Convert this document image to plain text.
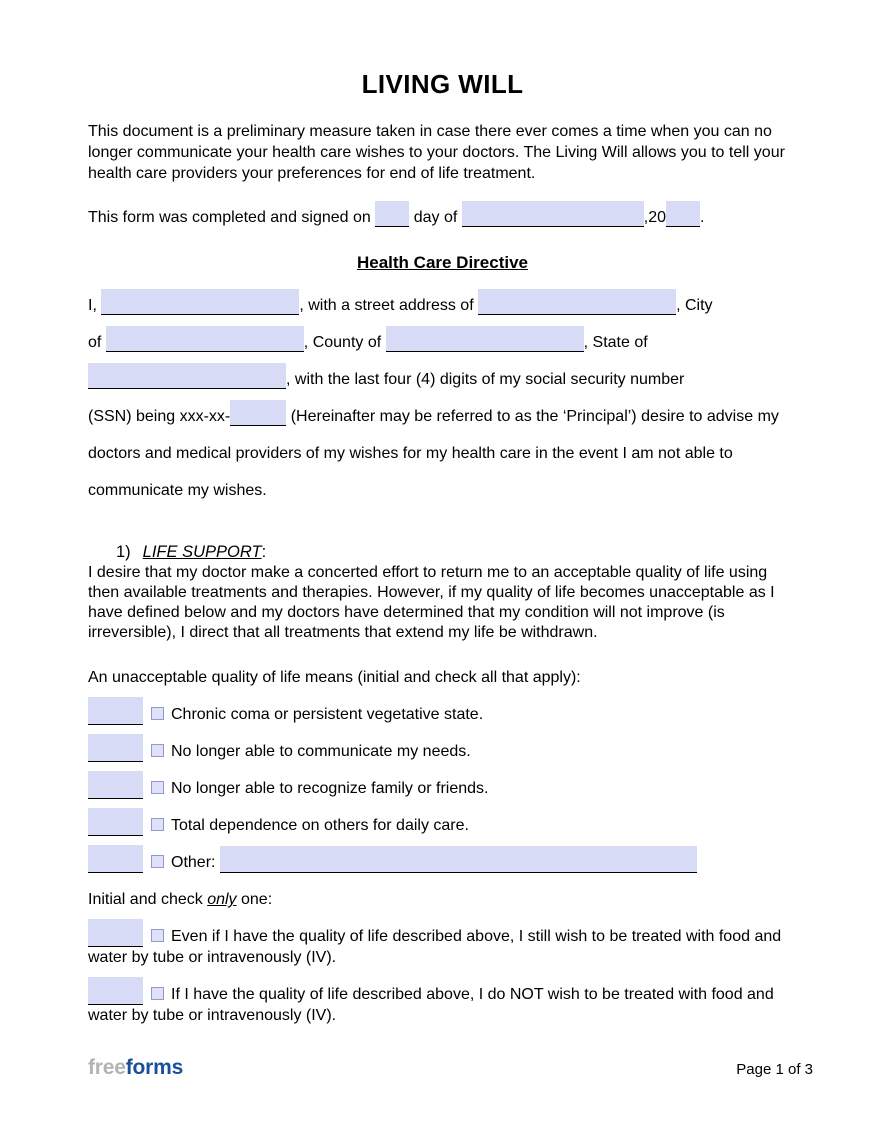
LIVING WILL

This document is a preliminary measure taken in case there ever comes a time when you can no longer communicate your health care wishes to your doctors. The Living Will allows you to tell your health care providers your preferences for end of life treatment.

This form was completed and signed on	day of	,20 .
Health Care Directive
I,	, with a street address of	, City
of	, County of	, State of
, with the last four (4) digits of my social security number
(SSN) being xxx-xx-	(Hereinafter may be referred to as the ‘Principal’) desire to advise my
doctors and medical providers of my wishes for my health care in the event I am not able to
communicate my wishes.
1) LIFE SUPPORT:

I desire that my doctor make a concerted effort to return me to an acceptable quality of life using then available treatments and therapies. However, if my quality of life becomes unacceptable as I have defined below and my doctors have determined that my condition will not improve (is irreversible), I direct that all treatments that extend my life be withdrawn.

An unacceptable quality of life means (initial and check all that apply):
Chronic coma or persistent vegetative state.
No longer able to communicate my needs.
No longer able to recognize family or friends.
Total dependence on others for daily care.
Other:
Initial and check only one:
Even if I have the quality of life described above, I still wish to be treated with food and water by tube or intravenously (IV).
If I have the quality of life described above, I do NOT wish to be treated with food and water by tube or intravenously (IV).
freeforms	Page 1 of 3
